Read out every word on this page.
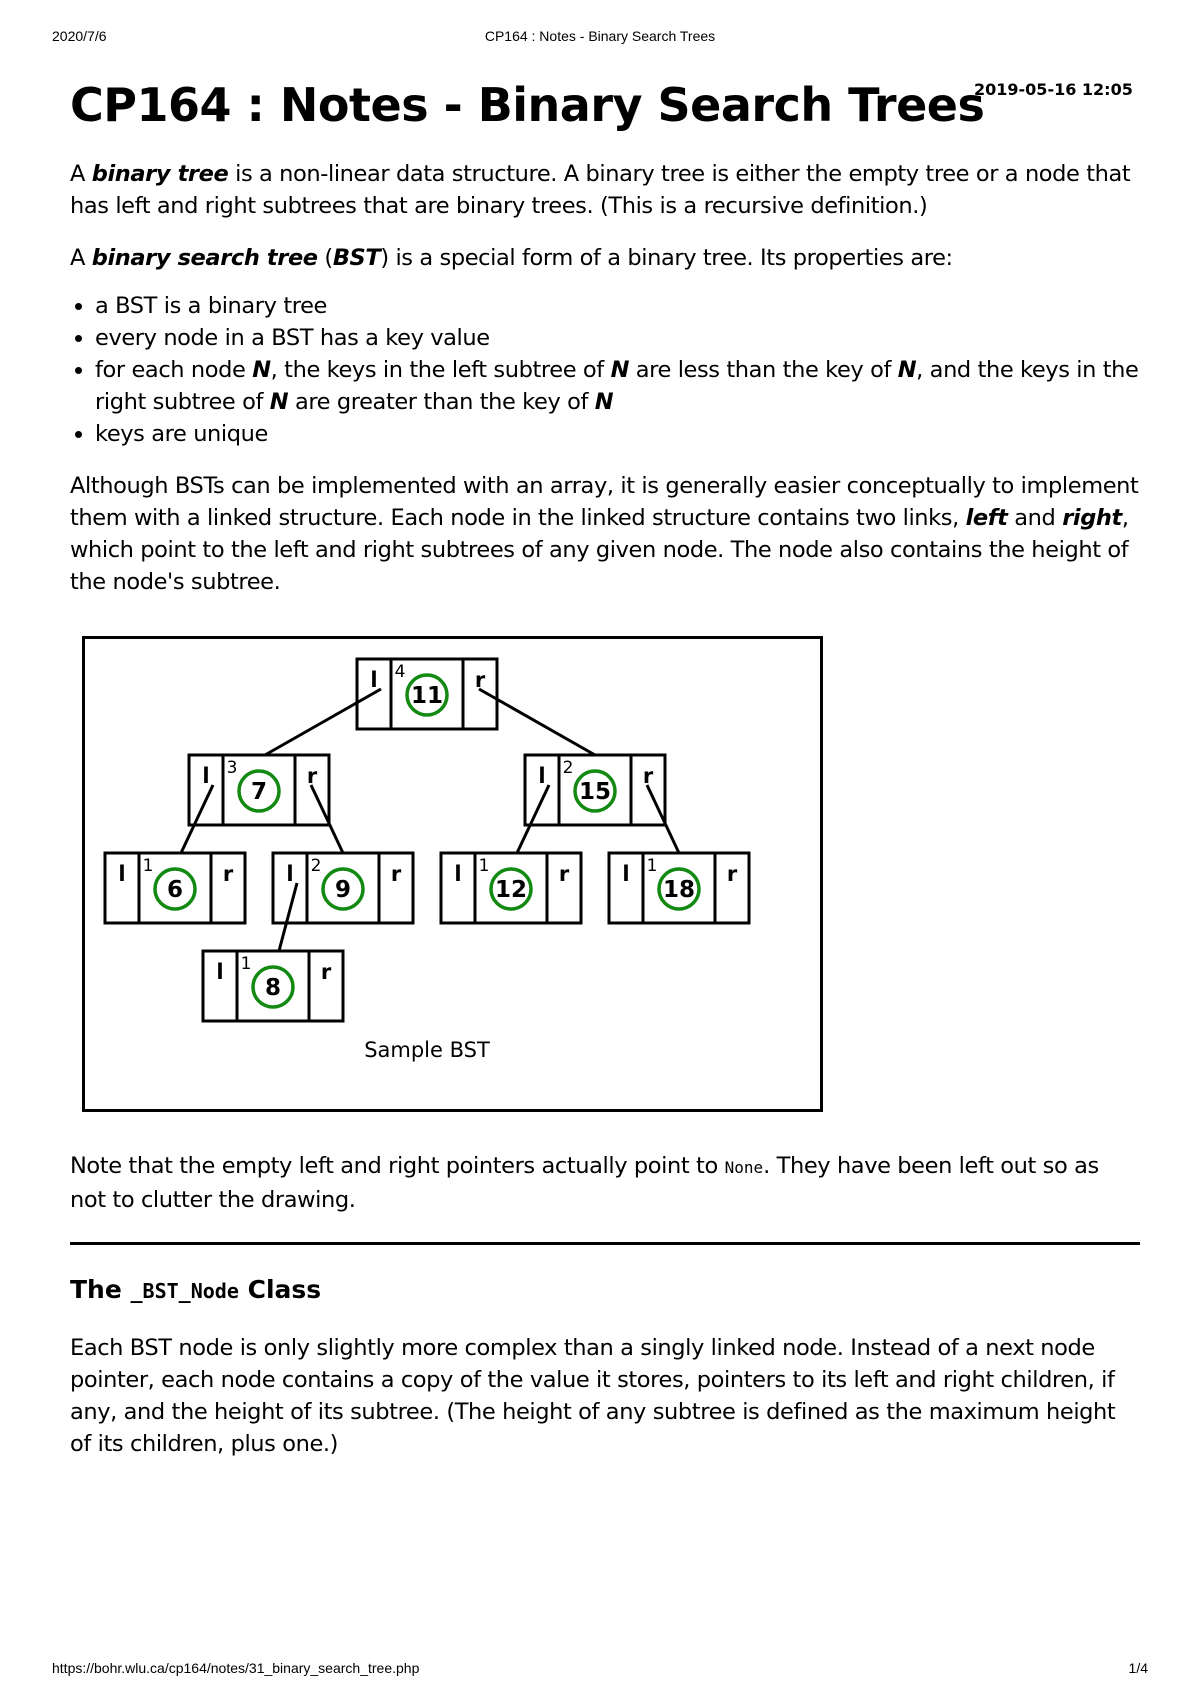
2020/7/6	CP164 : Notes - Binary Search Trees
CP164 : Notes - Binary Search Trees
2019-05-16 12:05

A binary tree is a non-linear data structure. A binary tree is either the empty tree or a node that has left and right subtrees that are binary trees. (This is a recursive definition.)

A binary search tree (BST) is a special form of a binary tree. Its properties are:

• a BST is a binary tree
• every node in a BST has a key value
• for each node N, the keys in the left subtree of N are less than the key of N, and the keys in the right subtree of N are greater than the key of N
• keys are unique

Although BSTs can be implemented with an array, it is generally easier conceptually to implement them with a linked structure. Each node in the linked structure contains two links, left and right, which point to the left and right subtrees of any given node. The node also contains the height of the node's subtree.

l	r
4
11
l	r
3
7
l	r
2
15
l	r
1
6
l	r
2
9
l	r
1
12
l	r
1
18
l	r
1
8
Sample BST

Note that the empty left and right pointers actually point to None. They have been left out so as not to clutter the drawing.

The _BST_Node Class

Each BST node is only slightly more complex than a singly linked node. Instead of a next node pointer, each node contains a copy of the value it stores, pointers to its left and right children, if any, and the height of its subtree. (The height of any subtree is defined as the maximum height of its children, plus one.)

https://bohr.wlu.ca/cp164/notes/31_binary_search_tree.php	1/4
